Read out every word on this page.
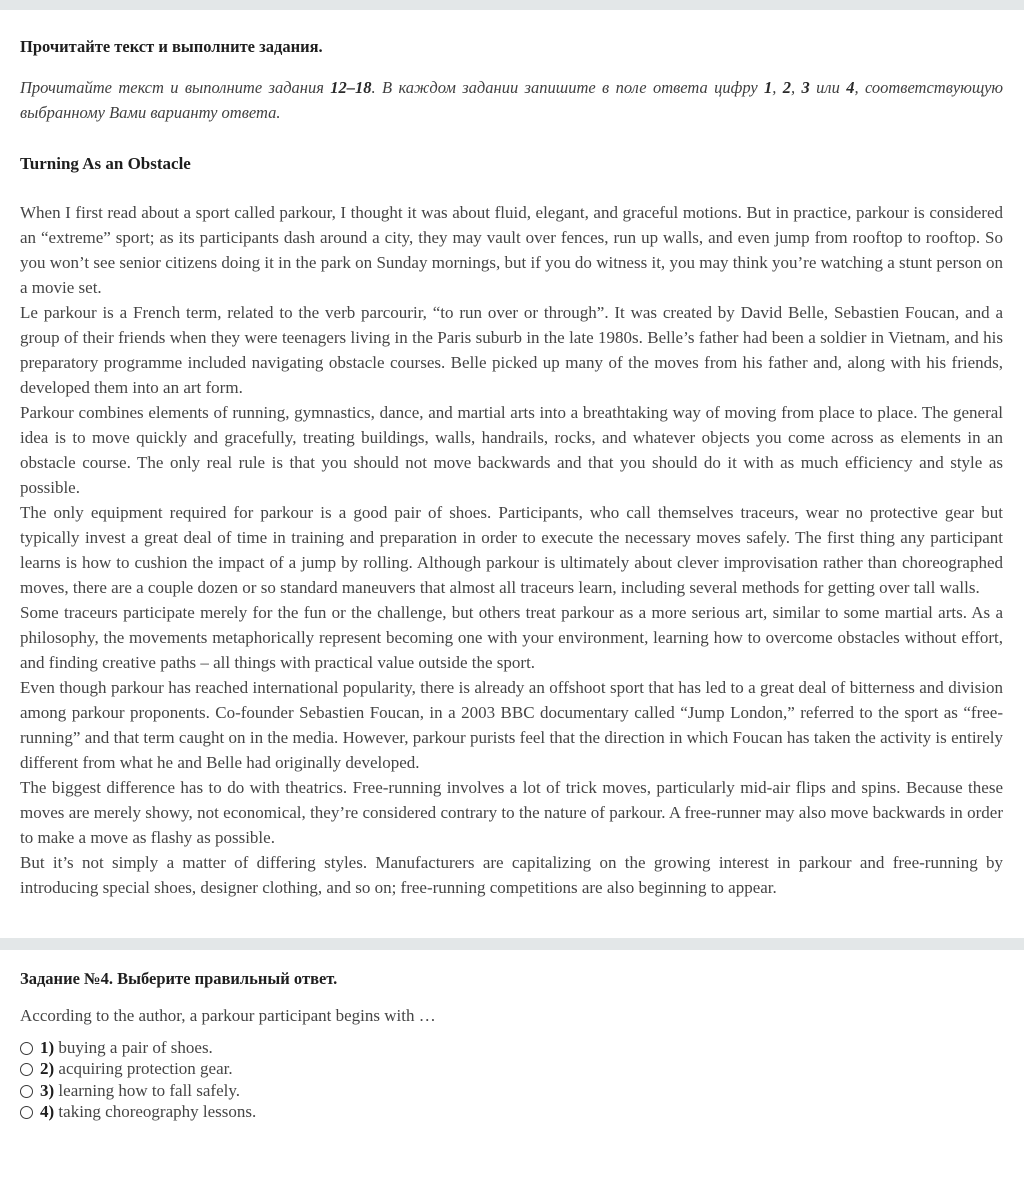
Прочитайте текст и выполните задания.
Прочитайте текст и выполните задания 12–18. В каждом задании запишите в поле ответа цифру 1, 2, 3 или 4, соответствующую выбранному Вами варианту ответа.
Turning As an Obstacle

When I first read about a sport called parkour, I thought it was about fluid, elegant, and graceful motions. But in practice, parkour is considered an “extreme” sport; as its participants dash around a city, they may vault over fences, run up walls, and even jump from rooftop to rooftop. So you won’t see senior citizens doing it in the park on Sunday mornings, but if you do witness it, you may think you’re watching a stunt person on a movie set.

Le parkour is a French term, related to the verb parcourir, “to run over or through”. It was created by David Belle, Sebastien Foucan, and a group of their friends when they were teenagers living in the Paris suburb in the late 1980s. Belle’s father had been a soldier in Vietnam, and his preparatory programme included navigating obstacle courses. Belle picked up many of the moves from his father and, along with his friends, developed them into an art form.

Parkour combines elements of running, gymnastics, dance, and martial arts into a breathtaking way of moving from place to place. The general idea is to move quickly and gracefully, treating buildings, walls, handrails, rocks, and whatever objects you come across as elements in an obstacle course. The only real rule is that you should not move backwards and that you should do it with as much efficiency and style as possible.

The only equipment required for parkour is a good pair of shoes. Participants, who call themselves traceurs, wear no protective gear but typically invest a great deal of time in training and preparation in order to execute the necessary moves safely. The first thing any participant learns is how to cushion the impact of a jump by rolling. Although parkour is ultimately about clever improvisation rather than choreographed moves, there are a couple dozen or so standard maneuvers that almost all traceurs learn, including several methods for getting over tall walls.

Some traceurs participate merely for the fun or the challenge, but others treat parkour as a more serious art, similar to some martial arts. As a philosophy, the movements metaphorically represent becoming one with your environment, learning how to overcome obstacles without effort, and finding creative paths – all things with practical value outside the sport.

Even though parkour has reached international popularity, there is already an offshoot sport that has led to a great deal of bitterness and division among parkour proponents. Co-founder Sebastien Foucan, in a 2003 BBC documentary called “Jump London,” referred to the sport as “free-running” and that term caught on in the media. However, parkour purists feel that the direction in which Foucan has taken the activity is entirely different from what he and Belle had originally developed.

The biggest difference has to do with theatrics. Free-running involves a lot of trick moves, particularly mid-air flips and spins. Because these moves are merely showy, not economical, they’re considered contrary to the nature of parkour. A free-runner may also move backwards in order to make a move as flashy as possible.

But it’s not simply a matter of differing styles. Manufacturers are capitalizing on the growing interest in parkour and free-running by introducing special shoes, designer clothing, and so on; free-running competitions are also beginning to appear.

Задание №4. Выберите правильный ответ.
According to the author, a parkour participant begins with …
1) buying a pair of shoes.
2) acquiring protection gear.
3) learning how to fall safely.
4) taking choreography lessons.
